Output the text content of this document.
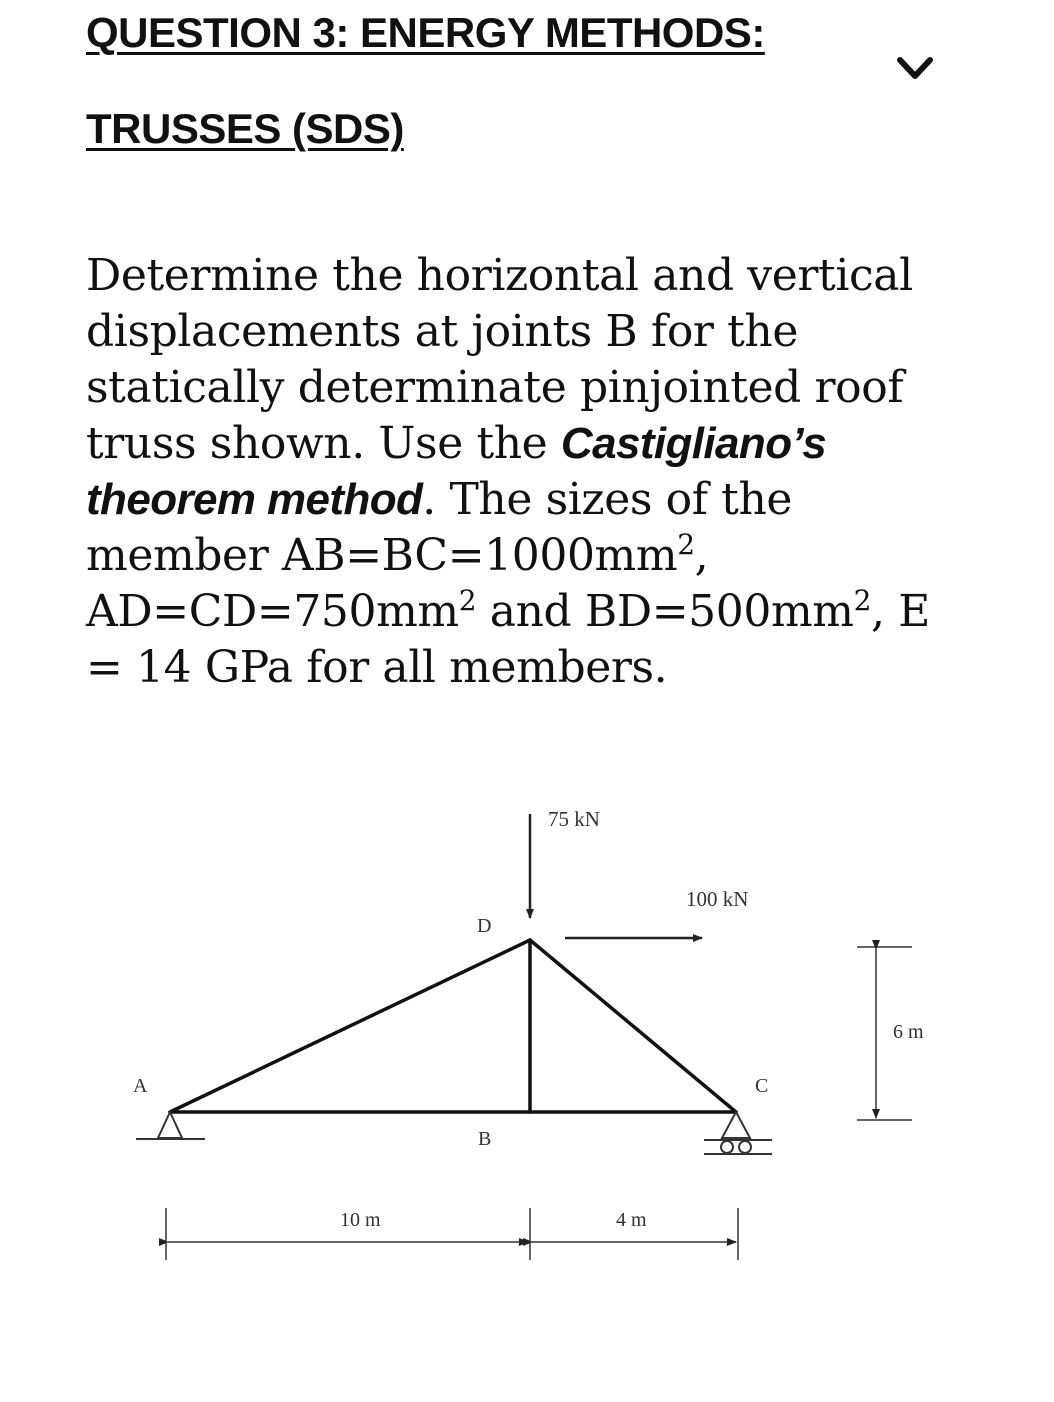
QUESTION 3: ENERGY METHODS:
TRUSSES (SDS)

Determine the horizontal and vertical displacements at joints B for the statically determinate pinjointed roof truss shown. Use the Castigliano’s theorem method. The sizes of the member $AB=BC=1000mm^2$, $AD=CD=750mm^2$ and $BD=500mm^2$, E = 14 GPa for all members.

A
B
C
D
75 kN
100 kN
10 m	4 m
6 m
